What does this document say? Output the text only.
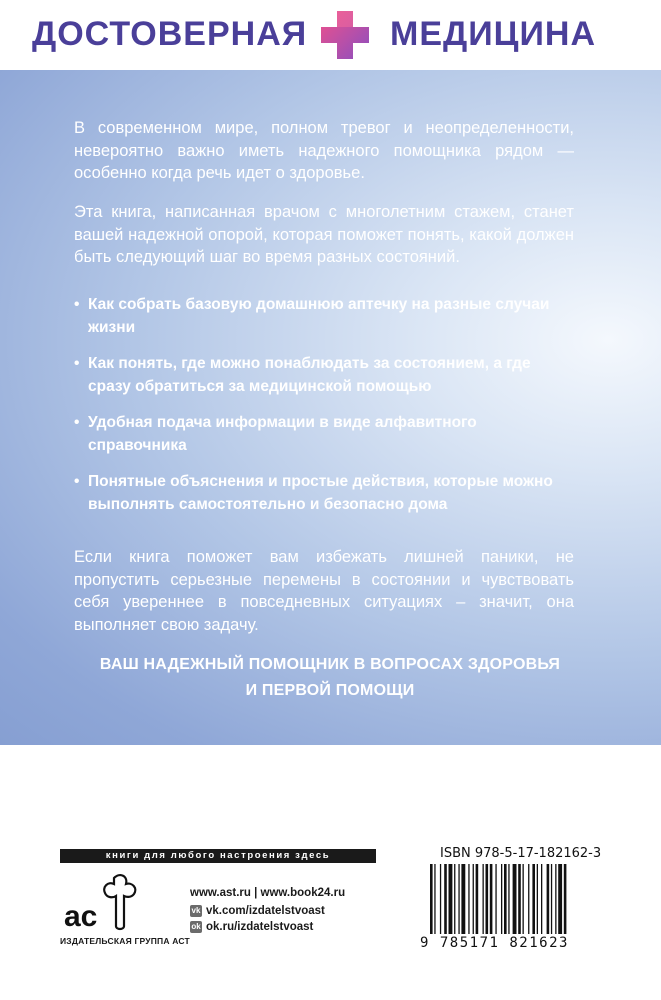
ДОСТОВЕРНАЯ МЕДИЦИНА
В современном мире, полном тревог и неопределенности, невероятно важно иметь надежного помощника рядом — особенно когда речь идет о здоровье.
Эта книга, написанная врачом с многолетним стажем, станет вашей надежной опорой, которая поможет понять, какой должен быть следующий шаг во время разных состояний.
• Как собрать базовую домашнюю аптечку на разные случаи жизни
• Как понять, где можно понаблюдать за состоянием, а где сразу обратиться за медицинской помощью
• Удобная подача информации в виде алфавитного справочника
• Понятные объяснения и простые действия, которые можно выполнять самостоятельно и безопасно дома
Если книга поможет вам избежать лишней паники, не пропустить серьезные перемены в состоянии и чувствовать себя увереннее в повседневных ситуациях – значит, она выполняет свою задачу.
ВАШ НАДЕЖНЫЙ ПОМОЩНИК В ВОПРОСАХ ЗДОРОВЬЯ
И ПЕРВОЙ ПОМОЩИ
книги для любого настроения здесь
ас
ИЗДАТЕЛЬСКАЯ ГРУППА АСТ
www.ast.ru | www.book24.ru
vk vk.com/izdatelstvoast
ok ok.ru/izdatelstvoast
ISBN 978-5-17-182162-3
9 785171 821623
